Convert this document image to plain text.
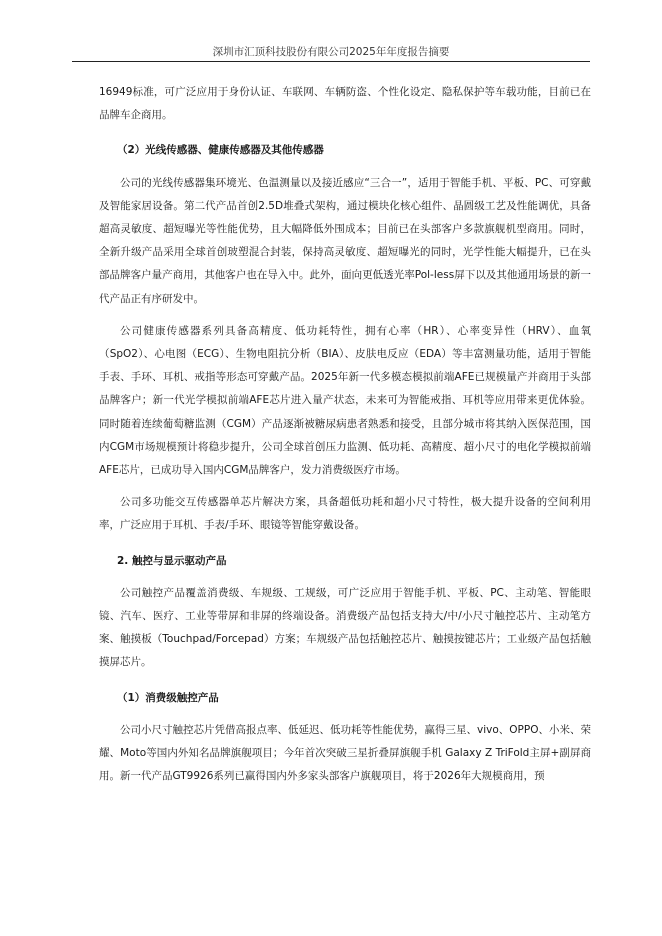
深圳市汇顶科技股份有限公司2025年年度报告摘要

16949标准，可广泛应用于身份认证、车联网、车辆防盗、个性化设定、隐私保护等车载功能，目前已在品牌车企商用。

（2）光线传感器、健康传感器及其他传感器

公司的光线传感器集环境光、色温测量以及接近感应“三合一”，适用于智能手机、平板、PC、可穿戴及智能家居设备。第二代产品首创2.5D堆叠式架构，通过模块化核心组件、晶圆级工艺及性能调优，具备超高灵敏度、超短曝光等性能优势，且大幅降低外围成本；目前已在头部客户多款旗舰机型商用。同时，全新升级产品采用全球首创玻塑混合封装，保持高灵敏度、超短曝光的同时，光学性能大幅提升，已在头部品牌客户量产商用，其他客户也在导入中。此外，面向更低透光率Pol-less屏下以及其他通用场景的新一代产品正有序研发中。

公司健康传感器系列具备高精度、低功耗特性，拥有心率（HR）、心率变异性（HRV）、血氧（SpO2）、心电图（ECG）、生物电阻抗分析（BIA）、皮肤电反应（EDA）等丰富测量功能，适用于智能手表、手环、耳机、戒指等形态可穿戴产品。2025年新一代多模态模拟前端AFE已规模量产并商用于头部品牌客户；新一代光学模拟前端AFE芯片进入量产状态，未来可为智能戒指、耳机等应用带来更优体验。同时随着连续葡萄糖监测（CGM）产品逐渐被糖尿病患者熟悉和接受，且部分城市将其纳入医保范围，国内CGM市场规模预计将稳步提升，公司全球首创压力监测、低功耗、高精度、超小尺寸的电化学模拟前端AFE芯片，已成功导入国内CGM品牌客户，发力消费级医疗市场。

公司多功能交互传感器单芯片解决方案，具备超低功耗和超小尺寸特性，极大提升设备的空间利用率，广泛应用于耳机、手表/手环、眼镜等智能穿戴设备。

2. 触控与显示驱动产品

公司触控产品覆盖消费级、车规级、工规级，可广泛应用于智能手机、平板、PC、主动笔、智能眼镜、汽车、医疗、工业等带屏和非屏的终端设备。消费级产品包括支持大/中/小尺寸触控芯片、主动笔方案、触摸板（Touchpad/Forcepad）方案；车规级产品包括触控芯片、触摸按键芯片；工业级产品包括触摸屏芯片。

（1）消费级触控产品

公司小尺寸触控芯片凭借高报点率、低延迟、低功耗等性能优势，赢得三星、vivo、OPPO、小米、荣耀、Moto等国内外知名品牌旗舰项目；今年首次突破三星折叠屏旗舰手机 Galaxy Z TriFold主屏+副屏商用。新一代产品GT9926系列已赢得国内外多家头部客户旗舰项目，将于2026年大规模商用，预
